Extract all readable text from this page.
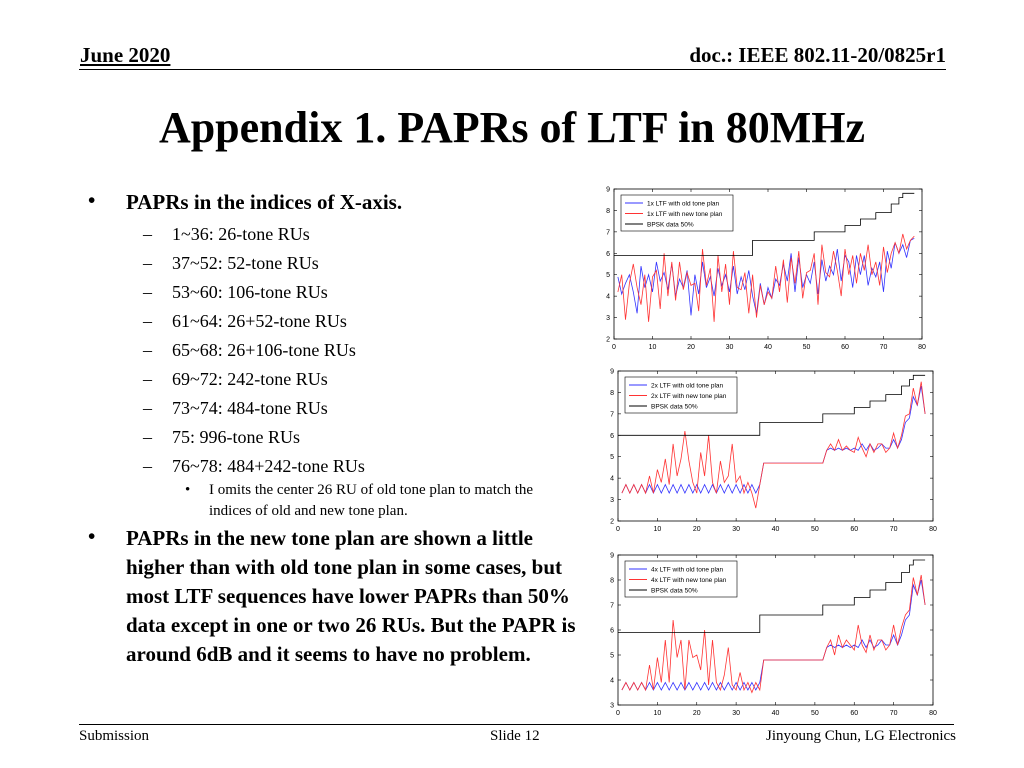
June 2020	doc.: IEEE 802.11-20/0825r1
Appendix 1. PAPRs of LTF in 80MHz
• PAPRs in the indices of X-axis.
– 1~36: 26-tone RUs
– 37~52: 52-tone RUs
– 53~60: 106-tone RUs
– 61~64: 26+52-tone RUs
– 65~68: 26+106-tone RUs
– 69~72: 242-tone RUs
– 73~74: 484-tone RUs
– 75: 996-tone RUs
– 76~78: 484+242-tone RUs
• I omits the center 26 RU of old tone plan to match the indices of old and new tone plan.
• PAPRs in the new tone plan are shown a little higher than with old tone plan in some cases, but most LTF sequences have lower PAPRs than 50% data except in one or two 26 RUs. But the PAPR is around 6dB and it seems to have no problem.
2
3
4
5
6
7
8
9
0	10	20	30	40	50	60	70	80
1x LTF with old tone plan
1x LTF with new tone plan
BPSK data 50%
2
3
4
5
6
7
8
9
0	10	20	30	40	50	60	70	80
2x LTF with old tone plan
2x LTF with new tone plan
BPSK data 50%
3
4
5
6
7
8
9
0	10	20	30	40	50	60	70	80
4x LTF with old tone plan
4x LTF with new tone plan
BPSK data 50%
Submission	Slide 12	Jinyoung Chun, LG Electronics
